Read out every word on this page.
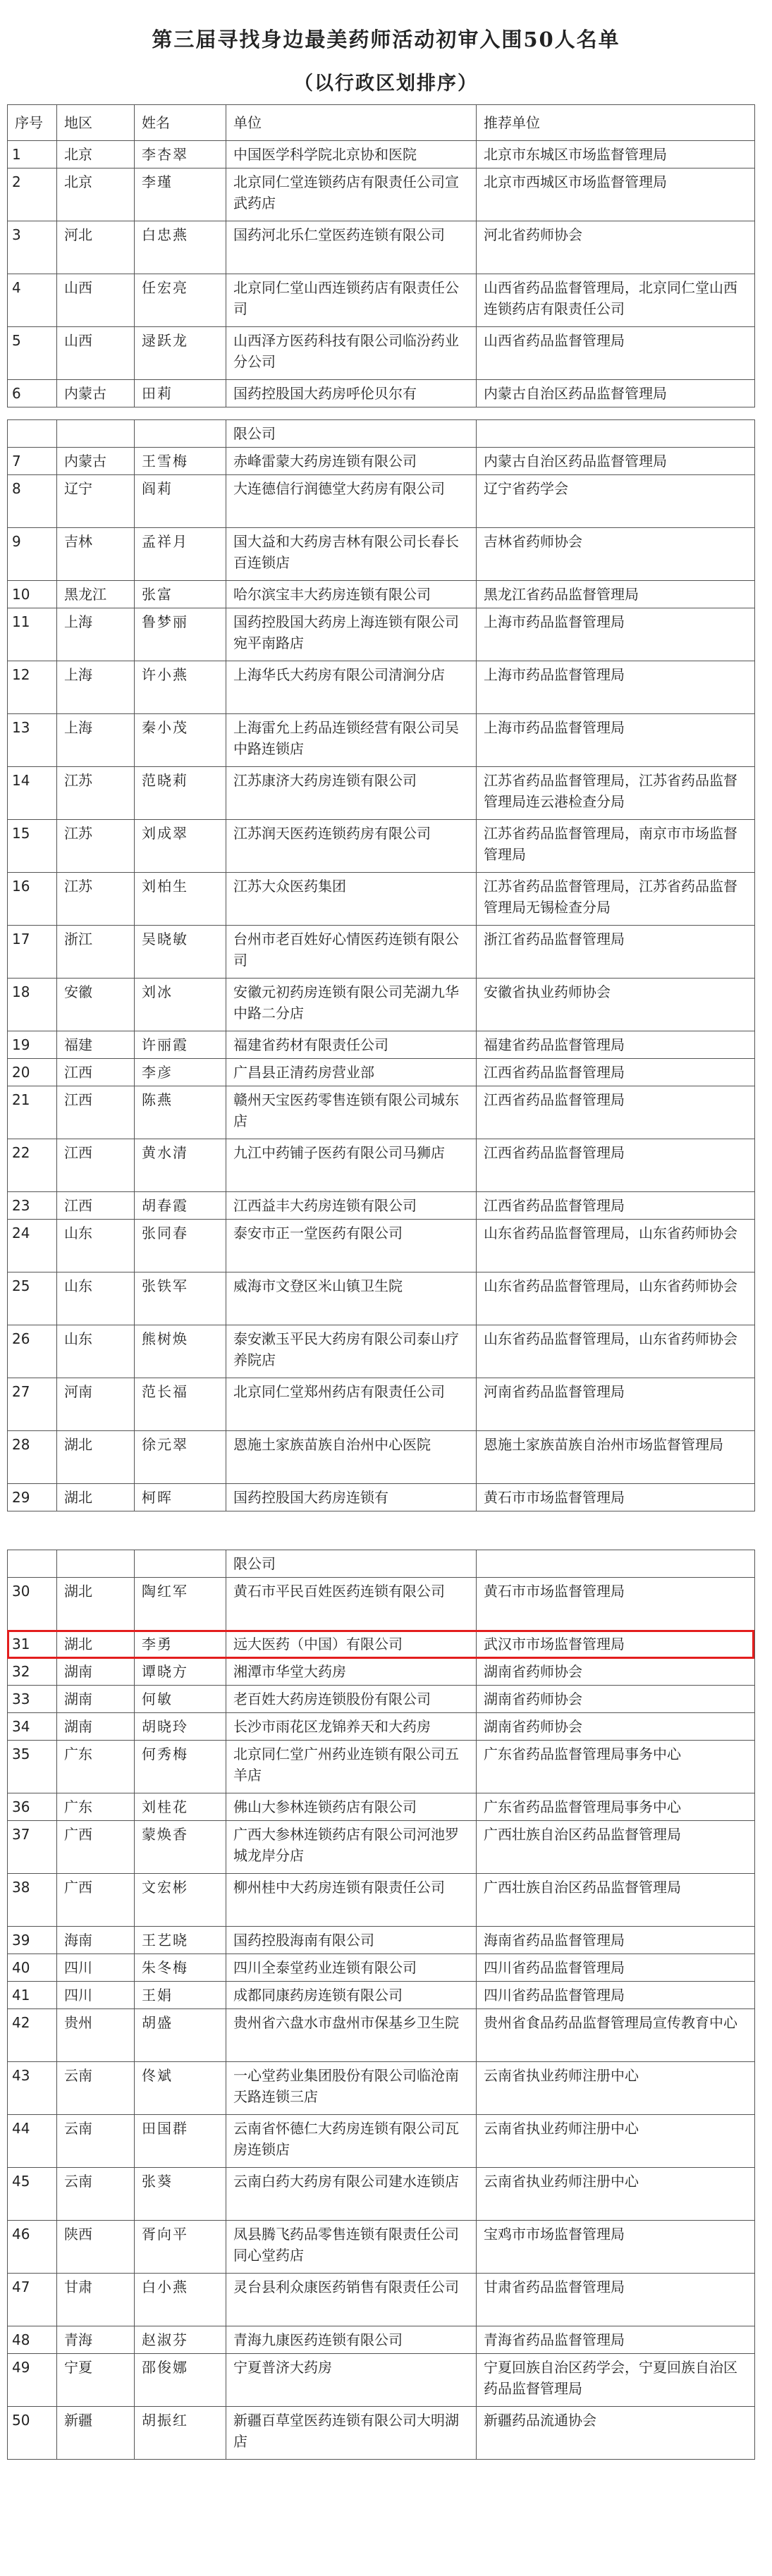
第三届寻找身边最美药师活动初审入围50人名单
（以行政区划排序）
序号	地区	姓名	单位	推荐单位
1	北京	李杏翠	中国医学科学院北京协和医院	北京市东城区市场监督管理局
2	北京	李瑾	北京同仁堂连锁药店有限责任公司宣武药店	北京市西城区市场监督管理局
3	河北	白忠燕	国药河北乐仁堂医药连锁有限公司	河北省药师协会
4	山西	任宏亮	北京同仁堂山西连锁药店有限责任公司	山西省药品监督管理局，北京同仁堂山西连锁药店有限责任公司
5	山西	逯跃龙	山西泽方医药科技有限公司临汾药业分公司	山西省药品监督管理局
6	内蒙古	田莉	国药控股国大药房呼伦贝尔有	内蒙古自治区药品监督管理局
			限公司	
7	内蒙古	王雪梅	赤峰雷蒙大药房连锁有限公司	内蒙古自治区药品监督管理局
8	辽宁	阎莉	大连德信行润德堂大药房有限公司	辽宁省药学会
9	吉林	孟祥月	国大益和大药房吉林有限公司长春长百连锁店	吉林省药师协会
10	黑龙江	张富	哈尔滨宝丰大药房连锁有限公司	黑龙江省药品监督管理局
11	上海	鲁梦丽	国药控股国大药房上海连锁有限公司宛平南路店	上海市药品监督管理局
12	上海	许小燕	上海华氏大药房有限公司清涧分店	上海市药品监督管理局
13	上海	秦小茂	上海雷允上药品连锁经营有限公司吴中路连锁店	上海市药品监督管理局
14	江苏	范晓莉	江苏康济大药房连锁有限公司	江苏省药品监督管理局，江苏省药品监督管理局连云港检查分局
15	江苏	刘成翠	江苏润天医药连锁药房有限公司	江苏省药品监督管理局，南京市市场监督管理局
16	江苏	刘柏生	江苏大众医药集团	江苏省药品监督管理局，江苏省药品监督管理局无锡检查分局
17	浙江	吴晓敏	台州市老百姓好心情医药连锁有限公司	浙江省药品监督管理局
18	安徽	刘冰	安徽元初药房连锁有限公司芜湖九华中路二分店	安徽省执业药师协会
19	福建	许丽霞	福建省药材有限责任公司	福建省药品监督管理局
20	江西	李彦	广昌县正清药房营业部	江西省药品监督管理局
21	江西	陈燕	赣州天宝医药零售连锁有限公司城东店	江西省药品监督管理局
22	江西	黄水清	九江中药铺子医药有限公司马狮店	江西省药品监督管理局
23	江西	胡春霞	江西益丰大药房连锁有限公司	江西省药品监督管理局
24	山东	张同春	泰安市正一堂医药有限公司	山东省药品监督管理局，山东省药师协会
25	山东	张铁军	威海市文登区米山镇卫生院	山东省药品监督管理局，山东省药师协会
26	山东	熊树焕	泰安漱玉平民大药房有限公司泰山疗养院店	山东省药品监督管理局，山东省药师协会
27	河南	范长福	北京同仁堂郑州药店有限责任公司	河南省药品监督管理局
28	湖北	徐元翠	恩施土家族苗族自治州中心医院	恩施土家族苗族自治州市场监督管理局
29	湖北	柯晖	国药控股国大药房连锁有	黄石市市场监督管理局
			限公司	
30	湖北	陶红军	黄石市平民百姓医药连锁有限公司	黄石市市场监督管理局
31	湖北	李勇	远大医药（中国）有限公司	武汉市市场监督管理局
32	湖南	谭晓方	湘潭市华堂大药房	湖南省药师协会
33	湖南	何敏	老百姓大药房连锁股份有限公司	湖南省药师协会
34	湖南	胡晓玲	长沙市雨花区龙锦养天和大药房	湖南省药师协会
35	广东	何秀梅	北京同仁堂广州药业连锁有限公司五羊店	广东省药品监督管理局事务中心
36	广东	刘桂花	佛山大参林连锁药店有限公司	广东省药品监督管理局事务中心
37	广西	蒙焕香	广西大参林连锁药店有限公司河池罗城龙岸分店	广西壮族自治区药品监督管理局
38	广西	文宏彬	柳州桂中大药房连锁有限责任公司	广西壮族自治区药品监督管理局
39	海南	王艺晓	国药控股海南有限公司	海南省药品监督管理局
40	四川	朱冬梅	四川全泰堂药业连锁有限公司	四川省药品监督管理局
41	四川	王娟	成都同康药房连锁有限公司	四川省药品监督管理局
42	贵州	胡盛	贵州省六盘水市盘州市保基乡卫生院	贵州省食品药品监督管理局宣传教育中心
43	云南	佟斌	一心堂药业集团股份有限公司临沧南天路连锁三店	云南省执业药师注册中心
44	云南	田国群	云南省怀德仁大药房连锁有限公司瓦房连锁店	云南省执业药师注册中心
45	云南	张葵	云南白药大药房有限公司建水连锁店	云南省执业药师注册中心
46	陕西	胥向平	凤县腾飞药品零售连锁有限责任公司同心堂药店	宝鸡市市场监督管理局
47	甘肃	白小燕	灵台县利众康医药销售有限责任公司	甘肃省药品监督管理局
48	青海	赵淑芬	青海九康医药连锁有限公司	青海省药品监督管理局
49	宁夏	邵俊娜	宁夏普济大药房	宁夏回族自治区药学会，宁夏回族自治区药品监督管理局
50	新疆	胡振红	新疆百草堂医药连锁有限公司大明湖店	新疆药品流通协会
